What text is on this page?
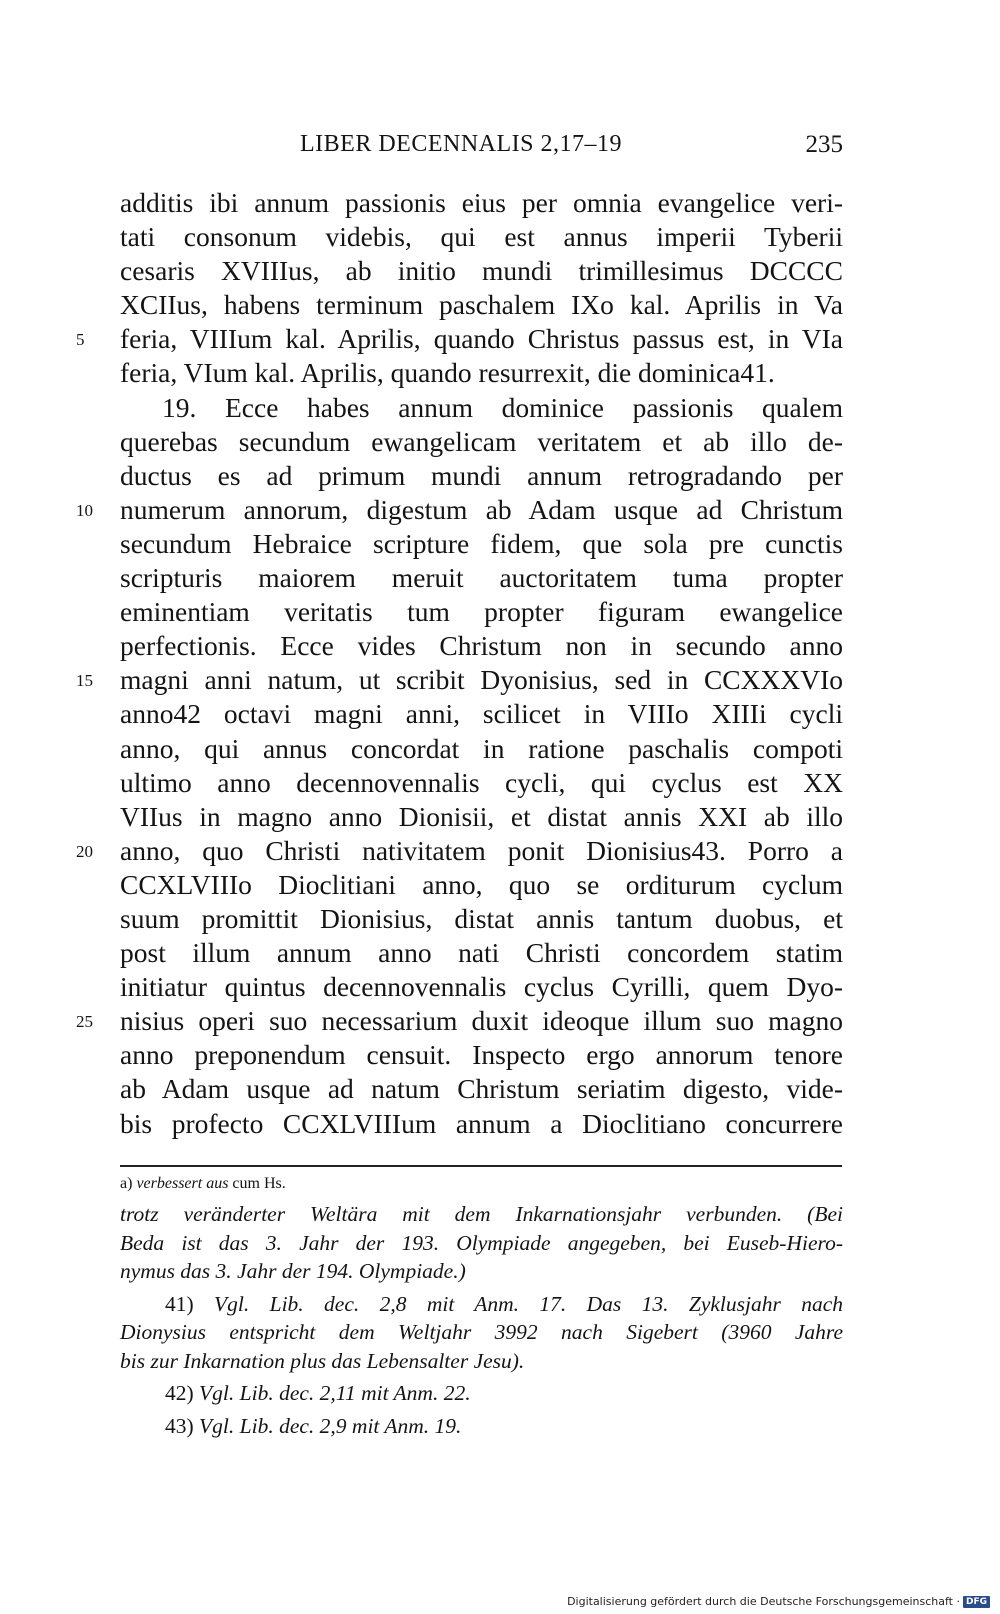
LIBER DECENNALIS 2,17–19	235
additis ibi annum passionis eius per omnia evangelice veri-
tati consonum videbis, qui est annus imperii Tyberii
cesaris XVIIIus, ab initio mundi trimillesimus DCCCC
XCIIus, habens terminum paschalem IXo kal. Aprilis in Va
5	feria, VIIIum kal. Aprilis, quando Christus passus est, in VIa
feria, VIum kal. Aprilis, quando resurrexit, die dominica41.
19. Ecce habes annum dominice passionis qualem
querebas secundum ewangelicam veritatem et ab illo de-
ductus es ad primum mundi annum retrogradando per
10 numerum annorum, digestum ab Adam usque ad Christum
secundum Hebraice scripture fidem, que sola pre cunctis
scripturis maiorem meruit auctoritatem tuma propter
eminentiam veritatis tum propter figuram ewangelice
perfectionis. Ecce vides Christum non in secundo anno
15 magni anni natum, ut scribit Dyonisius, sed in CCXXXVIo
anno42 octavi magni anni, scilicet in VIIIo XIIIi cycli
anno, qui annus concordat in ratione paschalis compoti
ultimo anno decennovennalis cycli, qui cyclus est XX
VIIus in magno anno Dionisii, et distat annis XXI ab illo
20 anno, quo Christi nativitatem ponit Dionisius43. Porro a
CCXLVIIIo Dioclitiani anno, quo se orditurum cyclum
suum promittit Dionisius, distat annis tantum duobus, et
post illum annum anno nati Christi concordem statim
initiatur quintus decennovennalis cyclus Cyrilli, quem Dyo-
25 nisius operi suo necessarium duxit ideoque illum suo magno
anno preponendum censuit. Inspecto ergo annorum tenore
ab Adam usque ad natum Christum seriatim digesto, vide-
bis profecto CCXLVIIIum annum a Dioclitiano concurrere
a) verbessert aus cum Hs.
trotz veränderter Weltära mit dem Inkarnationsjahr verbunden. (Bei
Beda ist das 3. Jahr der 193. Olympiade angegeben, bei Euseb-Hiero-
nymus das 3. Jahr der 194. Olympiade.)
41) Vgl. Lib. dec. 2,8 mit Anm. 17. Das 13. Zyklusjahr nach
Dionysius entspricht dem Weltjahr 3992 nach Sigebert (3960 Jahre
bis zur Inkarnation plus das Lebensalter Jesu).
42) Vgl. Lib. dec. 2,11 mit Anm. 22.
43) Vgl. Lib. dec. 2,9 mit Anm. 19.
Digitalisierung gefördert durch die Deutsche Forschungsgemeinschaft · DFG
